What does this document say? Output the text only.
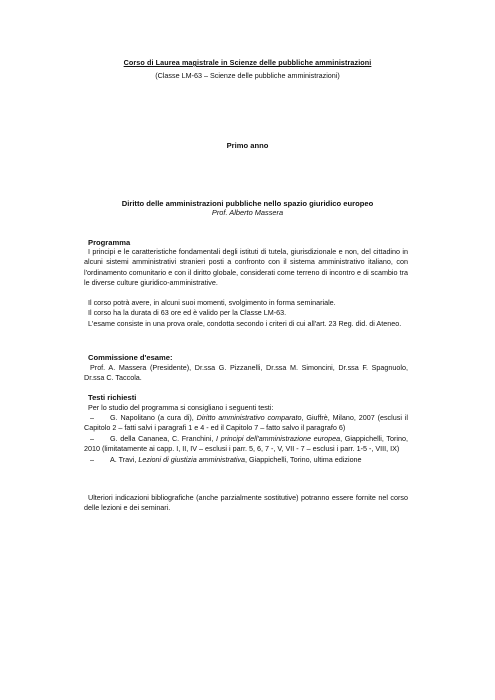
Corso di Laurea magistrale in Scienze delle pubbliche amministrazioni
(Classe LM-63 – Scienze delle pubbliche amministrazioni)
Primo anno
Diritto delle amministrazioni pubbliche nello spazio giuridico europeo
Prof. Alberto Massera
Programma
I principi e le caratteristiche fondamentali degli istituti di tutela, giurisdizionale e non, del cittadino in alcuni sistemi amministrativi stranieri posti a confronto con il sistema amministrativo italiano, con l'ordinamento comunitario e con il diritto globale, considerati come terreno di incontro e di scambio tra le diverse culture giuridico-amministrative.

Il corso potrà avere, in alcuni suoi momenti, svolgimento in forma seminariale.

Il corso ha la durata di 63 ore ed è valido per la Classe LM-63.

L'esame consiste in una prova orale, condotta secondo i criteri di cui all'art. 23 Reg. did. di Ateneo.

Commissione d'esame:
Prof. A. Massera (Presidente), Dr.ssa G. Pizzanelli, Dr.ssa M. Simoncini, Dr.ssa F. Spagnuolo, Dr.ssa C. Taccola.
Testi richiesti
Per lo studio del programma si consigliano i seguenti testi:

– G. Napolitano (a cura di), Diritto amministrativo comparato, Giuffrè, Milano, 2007 (esclusi il Capitolo 2 – fatti salvi i paragrafi 1 e 4 - ed il Capitolo 7 – fatto salvo il paragrafo 6)

– G. della Cananea, C. Franchini, I principi dell'amministrazione europea, Giappichelli, Torino, 2010 (limitatamente ai capp. I, II, IV – esclusi i parr. 5, 6, 7 -, V, VII - 7 – esclusi i parr. 1-5 -, VIII, IX)

– A. Travi, Lezioni di giustizia amministrativa, Giappichelli, Torino, ultima edizione

Ulteriori indicazioni bibliografiche (anche parzialmente sostitutive) potranno essere fornite nel corso delle lezioni e dei seminari.
